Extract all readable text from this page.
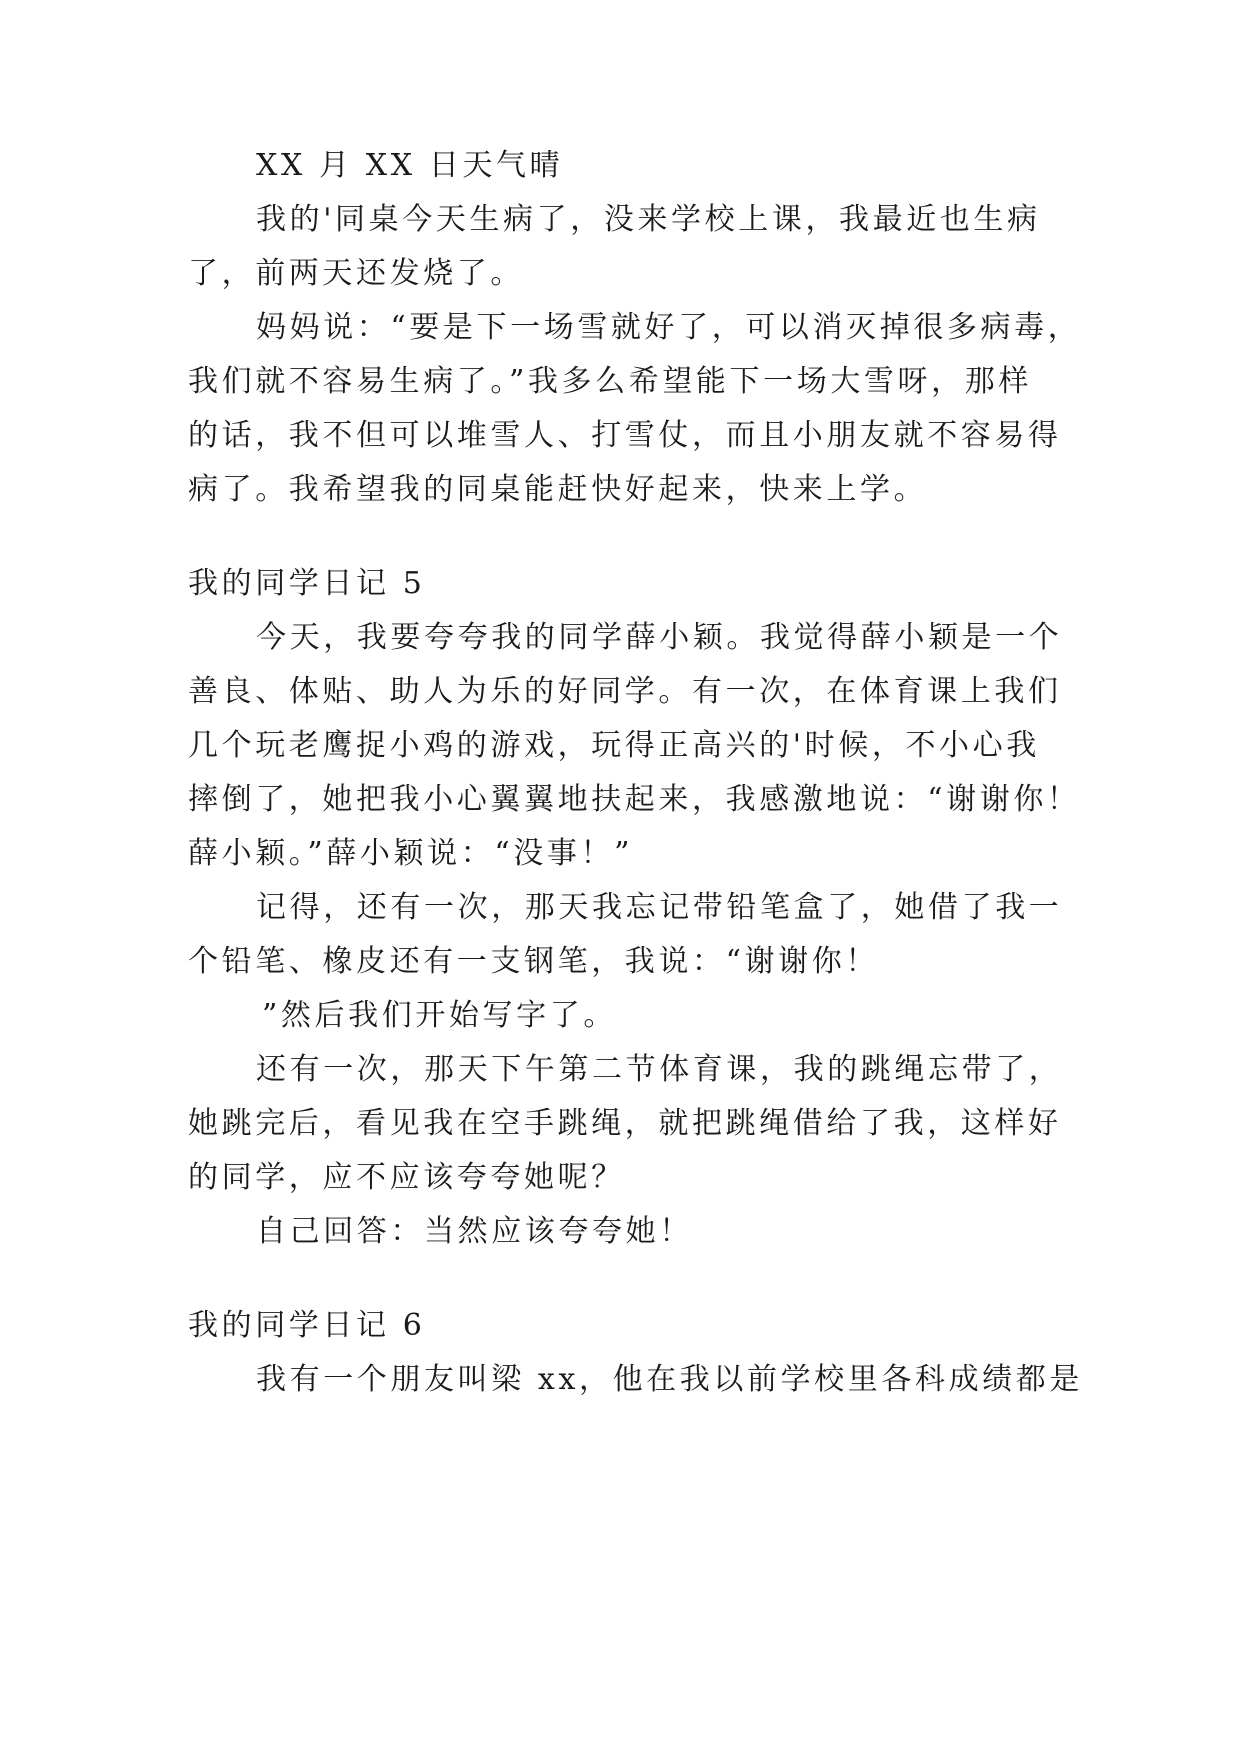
XX 月 XX 日天气晴
我的'同桌今天生病了，没来学校上课，我最近也生病
了，前两天还发烧了。
妈妈说：“要是下一场雪就好了，可以消灭掉很多病毒，
我们就不容易生病了。”我多么希望能下一场大雪呀，那样
的话，我不但可以堆雪人、打雪仗，而且小朋友就不容易得
病了。我希望我的同桌能赶快好起来，快来上学。
我的同学日记 5
今天，我要夸夸我的同学薛小颖。我觉得薛小颖是一个
善良、体贴、助人为乐的好同学。有一次，在体育课上我们
几个玩老鹰捉小鸡的游戏，玩得正高兴的'时候，不小心我
摔倒了，她把我小心翼翼地扶起来，我感激地说：“谢谢你！
薛小颖。”薛小颖说：“没事！”
记得，还有一次，那天我忘记带铅笔盒了，她借了我一
个铅笔、橡皮还有一支钢笔，我说：“谢谢你！
”然后我们开始写字了。
还有一次，那天下午第二节体育课，我的跳绳忘带了，
她跳完后，看见我在空手跳绳，就把跳绳借给了我，这样好
的同学，应不应该夸夸她呢？
自己回答：当然应该夸夸她！
我的同学日记 6
我有一个朋友叫梁 xx，他在我以前学校里各科成绩都是
